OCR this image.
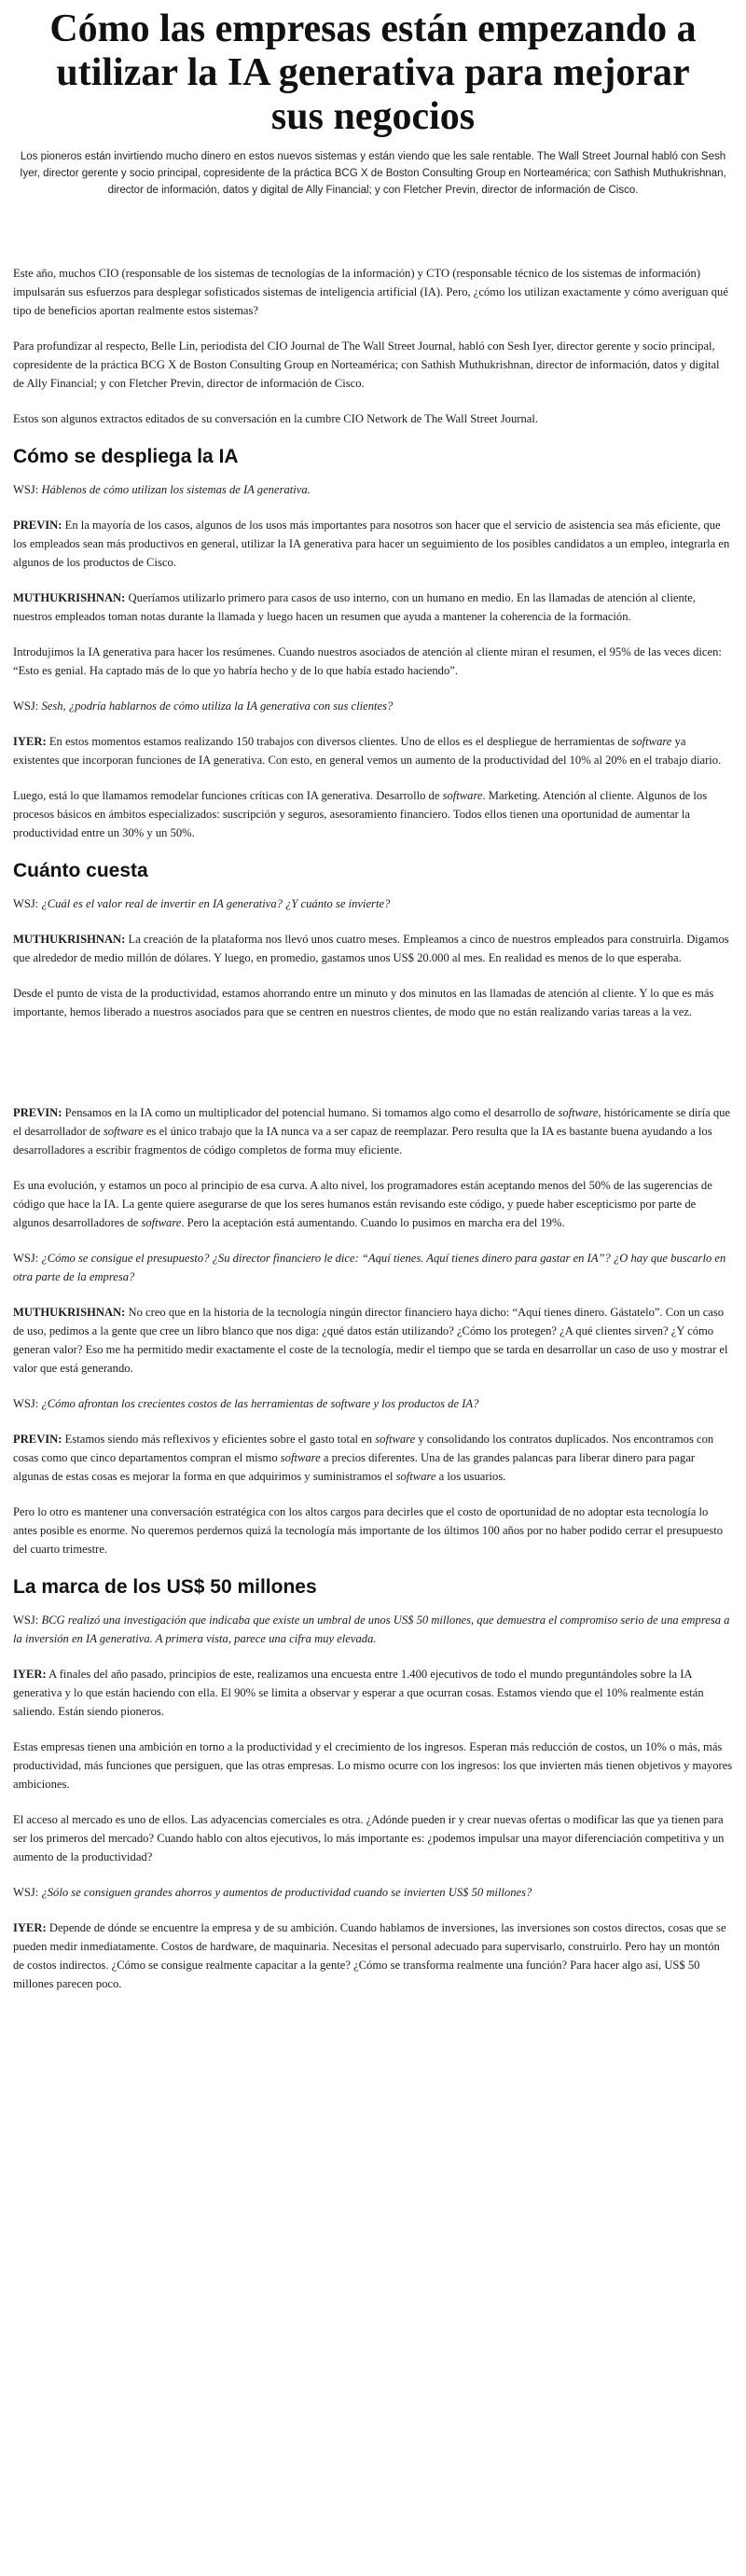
Cómo las empresas están empezando a utilizar la IA generativa para mejorar sus negocios

Los pioneros están invirtiendo mucho dinero en estos nuevos sistemas y están viendo que les sale rentable. The Wall Street Journal habló con Sesh Iyer, director gerente y socio principal, copresidente de la práctica BCG X de Boston Consulting Group en Norteamérica; con Sathish Muthukrishnan, director de información, datos y digital de Ally Financial; y con Fletcher Previn, director de información de Cisco.

Este año, muchos CIO (responsable de los sistemas de tecnologías de la información) y CTO (responsable técnico de los sistemas de información) impulsarán sus esfuerzos para desplegar sofisticados sistemas de inteligencia artificial (IA). Pero, ¿cómo los utilizan exactamente y cómo averiguan qué tipo de beneficios aportan realmente estos sistemas?

Para profundizar al respecto, Belle Lin, periodista del CIO Journal de The Wall Street Journal, habló con Sesh Iyer, director gerente y socio principal, copresidente de la práctica BCG X de Boston Consulting Group en Norteamérica; con Sathish Muthukrishnan, director de información, datos y digital de Ally Financial; y con Fletcher Previn, director de información de Cisco.

Estos son algunos extractos editados de su conversación en la cumbre CIO Network de The Wall Street Journal.

Cómo se despliega la IA

WSJ: Háblenos de cómo utilizan los sistemas de IA generativa.

PREVIN: En la mayoría de los casos, algunos de los usos más importantes para nosotros son hacer que el servicio de asistencia sea más eficiente, que los empleados sean más productivos en general, utilizar la IA generativa para hacer un seguimiento de los posibles candidatos a un empleo, integrarla en algunos de los productos de Cisco.

MUTHUKRISHNAN: Queríamos utilizarlo primero para casos de uso interno, con un humano en medio. En las llamadas de atención al cliente, nuestros empleados toman notas durante la llamada y luego hacen un resumen que ayuda a mantener la coherencia de la formación.

Introdujimos la IA generativa para hacer los resúmenes. Cuando nuestros asociados de atención al cliente miran el resumen, el 95% de las veces dicen: “Esto es genial. Ha captado más de lo que yo habría hecho y de lo que había estado haciendo”.

WSJ: Sesh, ¿podría hablarnos de cómo utiliza la IA generativa con sus clientes?

IYER: En estos momentos estamos realizando 150 trabajos con diversos clientes. Uno de ellos es el despliegue de herramientas de software ya existentes que incorporan funciones de IA generativa. Con esto, en general vemos un aumento de la productividad del 10% al 20% en el trabajo diario.

Luego, está lo que llamamos remodelar funciones críticas con IA generativa. Desarrollo de software. Marketing. Atención al cliente. Algunos de los procesos básicos en ámbitos especializados: suscripción y seguros, asesoramiento financiero. Todos ellos tienen una oportunidad de aumentar la productividad entre un 30% y un 50%.

Cuánto cuesta

WSJ: ¿Cuál es el valor real de invertir en IA generativa? ¿Y cuánto se invierte?

MUTHUKRISHNAN: La creación de la plataforma nos llevó unos cuatro meses. Empleamos a cinco de nuestros empleados para construirla. Digamos que alrededor de medio millón de dólares. Y luego, en promedio, gastamos unos US$ 20.000 al mes. En realidad es menos de lo que esperaba.

Desde el punto de vista de la productividad, estamos ahorrando entre un minuto y dos minutos en las llamadas de atención al cliente. Y lo que es más importante, hemos liberado a nuestros asociados para que se centren en nuestros clientes, de modo que no están realizando varias tareas a la vez.

PREVIN: Pensamos en la IA como un multiplicador del potencial humano. Si tomamos algo como el desarrollo de software, históricamente se diría que el desarrollador de software es el único trabajo que la IA nunca va a ser capaz de reemplazar. Pero resulta que la IA es bastante buena ayudando a los desarrolladores a escribir fragmentos de código completos de forma muy eficiente.

Es una evolución, y estamos un poco al principio de esa curva. A alto nivel, los programadores están aceptando menos del 50% de las sugerencias de código que hace la IA. La gente quiere asegurarse de que los seres humanos están revisando este código, y puede haber escepticismo por parte de algunos desarrolladores de software. Pero la aceptación está aumentando. Cuando lo pusimos en marcha era del 19%.

WSJ: ¿Cómo se consigue el presupuesto? ¿Su director financiero le dice: “Aquí tienes. Aquí tienes dinero para gastar en IA”? ¿O hay que buscarlo en otra parte de la empresa?

MUTHUKRISHNAN: No creo que en la historia de la tecnología ningún director financiero haya dicho: “Aquí tienes dinero. Gástatelo”. Con un caso de uso, pedimos a la gente que cree un libro blanco que nos diga: ¿qué datos están utilizando? ¿Cómo los protegen? ¿A qué clientes sirven? ¿Y cómo generan valor? Eso me ha permitido medir exactamente el coste de la tecnología, medir el tiempo que se tarda en desarrollar un caso de uso y mostrar el valor que está generando.

WSJ: ¿Cómo afrontan los crecientes costos de las herramientas de software y los productos de IA?

PREVIN: Estamos siendo más reflexivos y eficientes sobre el gasto total en software y consolidando los contratos duplicados. Nos encontramos con cosas como que cinco departamentos compran el mismo software a precios diferentes. Una de las grandes palancas para liberar dinero para pagar algunas de estas cosas es mejorar la forma en que adquirimos y suministramos el software a los usuarios.

Pero lo otro es mantener una conversación estratégica con los altos cargos para decirles que el costo de oportunidad de no adoptar esta tecnología lo antes posible es enorme. No queremos perdernos quizá la tecnología más importante de los últimos 100 años por no haber podido cerrar el presupuesto del cuarto trimestre.

La marca de los US$ 50 millones

WSJ: BCG realizó una investigación que indicaba que existe un umbral de unos US$ 50 millones, que demuestra el compromiso serio de una empresa a la inversión en IA generativa. A primera vista, parece una cifra muy elevada.

IYER: A finales del año pasado, principios de este, realizamos una encuesta entre 1.400 ejecutivos de todo el mundo preguntándoles sobre la IA generativa y lo que están haciendo con ella. El 90% se limita a observar y esperar a que ocurran cosas. Estamos viendo que el 10% realmente están saliendo. Están siendo pioneros.

Estas empresas tienen una ambición en torno a la productividad y el crecimiento de los ingresos. Esperan más reducción de costos, un 10% o más, más productividad, más funciones que persiguen, que las otras empresas. Lo mismo ocurre con los ingresos: los que invierten más tienen objetivos y mayores ambiciones.

El acceso al mercado es uno de ellos. Las adyacencias comerciales es otra. ¿Adónde pueden ir y crear nuevas ofertas o modificar las que ya tienen para ser los primeros del mercado? Cuando hablo con altos ejecutivos, lo más importante es: ¿podemos impulsar una mayor diferenciación competitiva y un aumento de la productividad?

WSJ: ¿Sólo se consiguen grandes ahorros y aumentos de productividad cuando se invierten US$ 50 millones?

IYER: Depende de dónde se encuentre la empresa y de su ambición. Cuando hablamos de inversiones, las inversiones son costos directos, cosas que se pueden medir inmediatamente. Costos de hardware, de maquinaria. Necesitas el personal adecuado para supervisarlo, construirlo. Pero hay un montón de costos indirectos. ¿Cómo se consigue realmente capacitar a la gente? ¿Cómo se transforma realmente una función? Para hacer algo así, US$ 50 millones parecen poco.
